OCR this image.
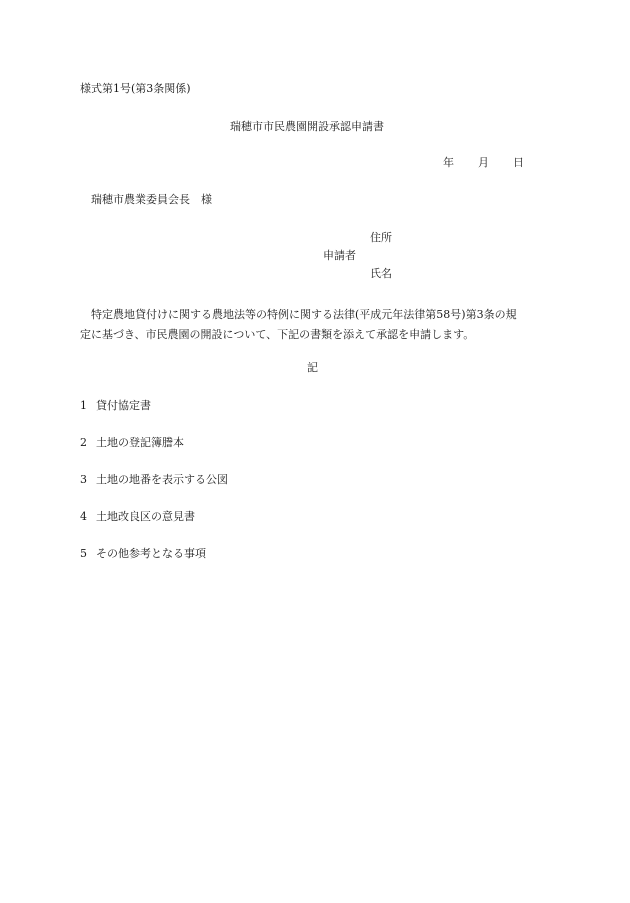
様式第1号(第3条関係)
瑞穂市市民農園開設承認申請書
年 月 日
瑞穂市農業委員会長　様
住所
申請者
氏名
特定農地貸付けに関する農地法等の特例に関する法律(平成元年法律第58号)第3条の規
定に基づき、市民農園の開設について、下記の書類を添えて承認を申請します。
記
1 貸付協定書
2 土地の登記簿謄本
3 土地の地番を表示する公図
4 土地改良区の意見書
5 その他参考となる事項
